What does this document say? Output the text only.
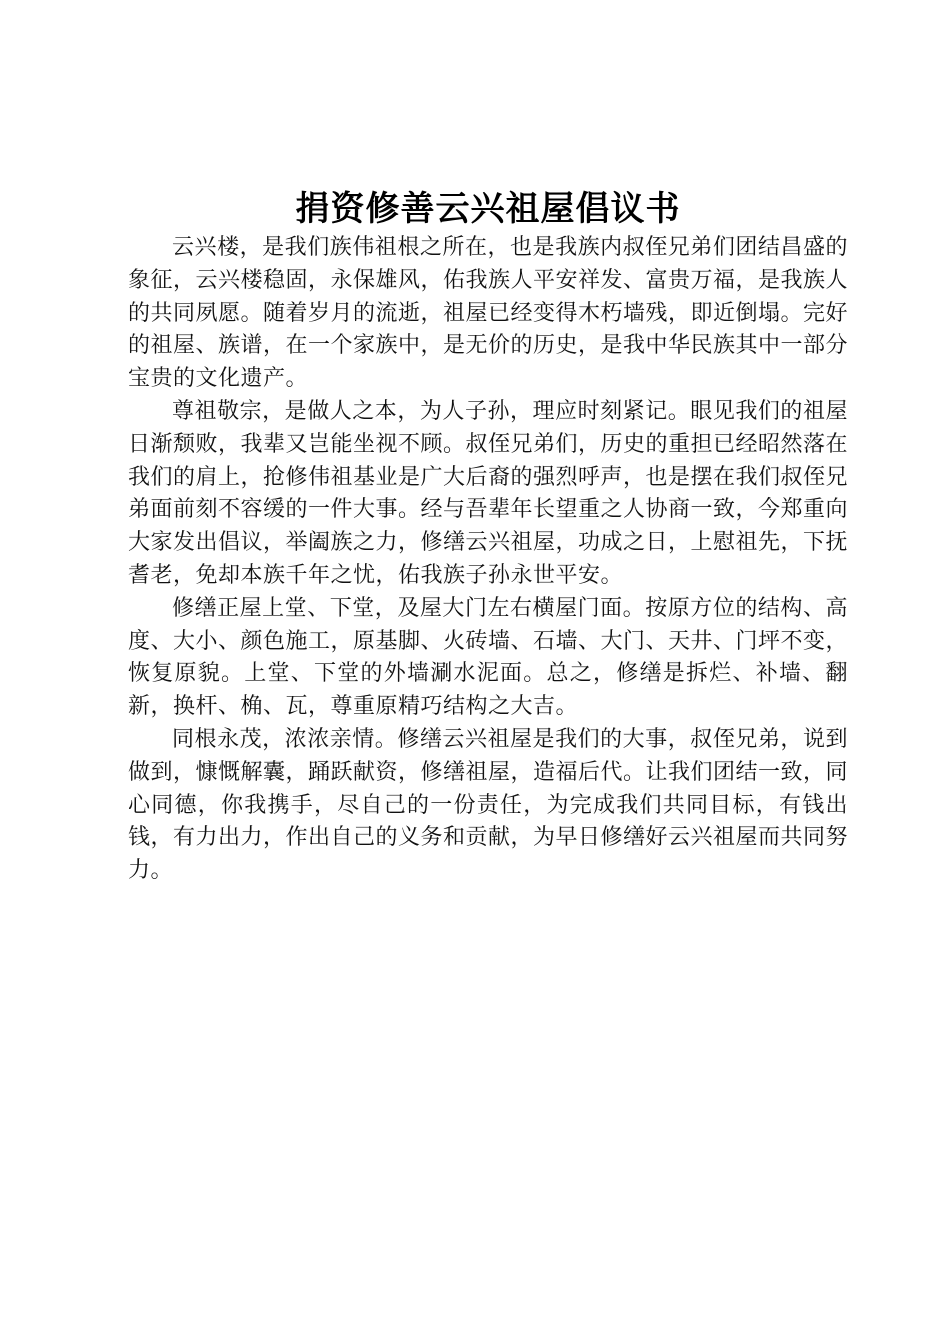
捐资修善云兴祖屋倡议书

云兴楼，是我们族伟祖根之所在，也是我族内叔侄兄弟们团结昌盛的象征，云兴楼稳固，永保雄风，佑我族人平安祥发、富贵万福，是我族人的共同夙愿。随着岁月的流逝，祖屋已经变得木朽墙残，即近倒塌。完好的祖屋、族谱，在一个家族中，是无价的历史，是我中华民族其中一部分宝贵的文化遗产。

尊祖敬宗，是做人之本，为人子孙，理应时刻紧记。眼见我们的祖屋日渐颓败，我辈又岂能坐视不顾。叔侄兄弟们，历史的重担已经昭然落在我们的肩上，抢修伟祖基业是广大后裔的强烈呼声，也是摆在我们叔侄兄弟面前刻不容缓的一件大事。经与吾辈年长望重之人协商一致，今郑重向大家发出倡议，举阖族之力，修缮云兴祖屋，功成之日，上慰祖先，下抚耆老，免却本族千年之忧，佑我族子孙永世平安。

修缮正屋上堂、下堂，及屋大门左右横屋门面。按原方位的结构、高度、大小、颜色施工，原基脚、火砖墙、石墙、大门、天井、门坪不变，恢复原貌。上堂、下堂的外墙涮水泥面。总之，修缮是拆烂、补墙、翻新，换杆、桷、瓦，尊重原精巧结构之大吉。

同根永茂，浓浓亲情。修缮云兴祖屋是我们的大事，叔侄兄弟，说到做到，慷慨解囊，踊跃献资，修缮祖屋，造福后代。让我们团结一致，同心同德，你我携手，尽自己的一份责任，为完成我们共同目标，有钱出钱，有力出力，作出自己的义务和贡献，为早日修缮好云兴祖屋而共同努力。
